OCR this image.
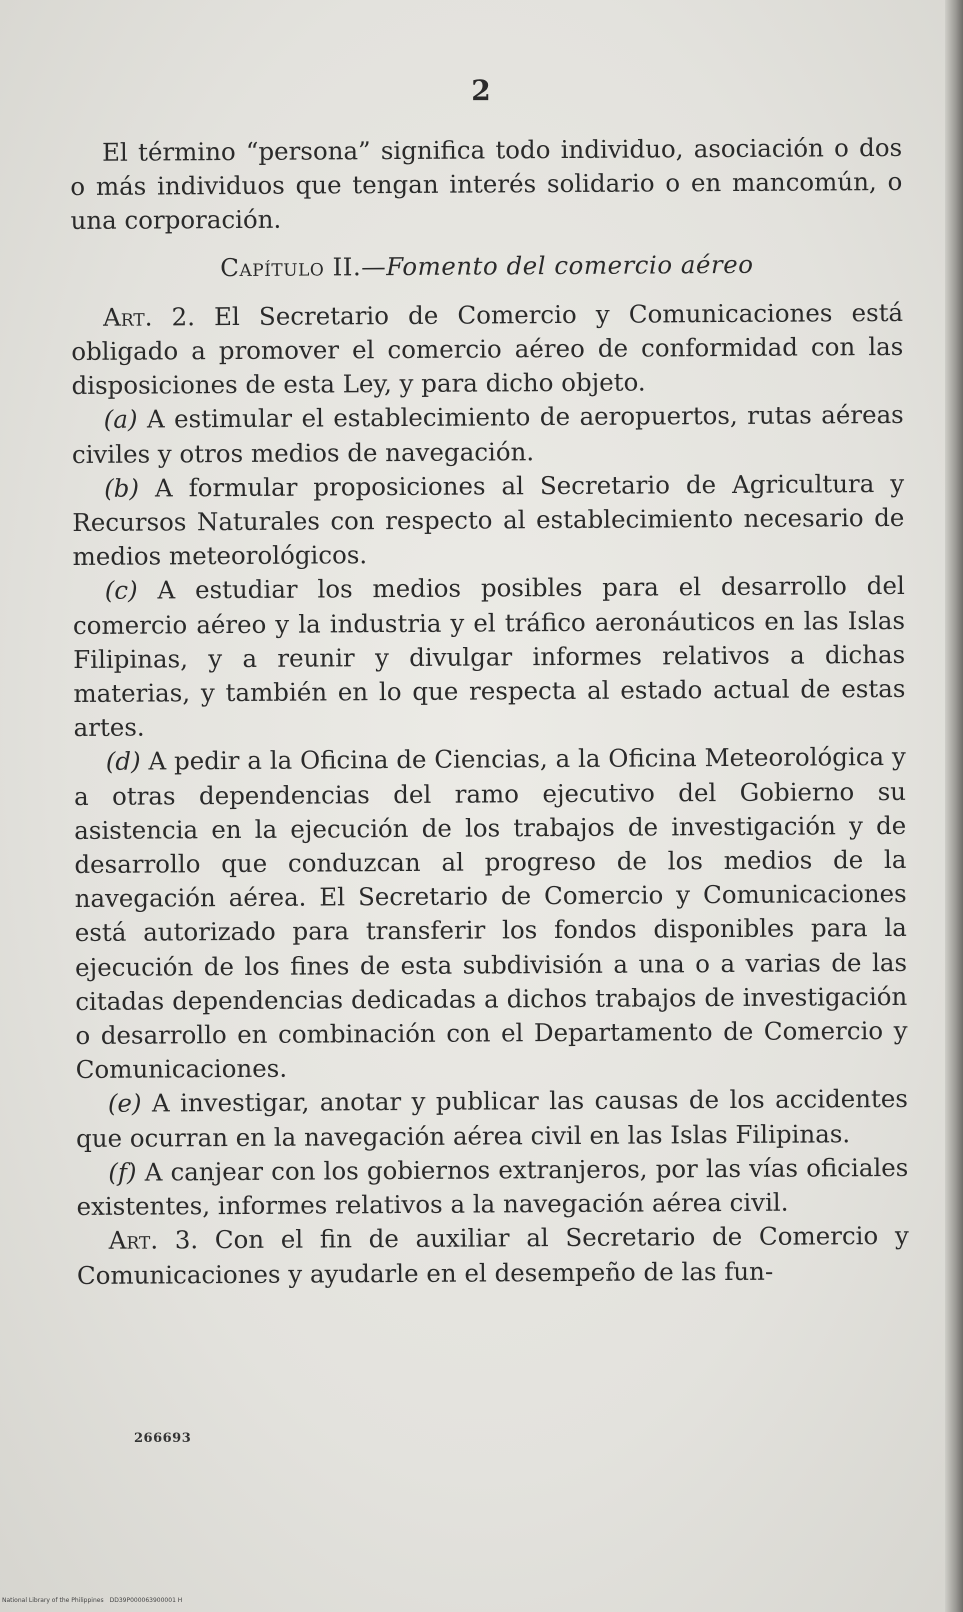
2

El término “persona” significa todo individuo, asociación o dos o más individuos que tengan interés solidario o en mancomún, o una corporación.

Capítulo II.—Fomento del comercio aéreo

Art. 2. El Secretario de Comercio y Comunicaciones está obligado a promover el comercio aéreo de conformidad con las disposiciones de esta Ley, y para dicho objeto.

(a) A estimular el establecimiento de aeropuertos, rutas aéreas civiles y otros medios de navegación.

(b) A formular proposiciones al Secretario de Agricultura y Recursos Naturales con respecto al establecimiento necesario de medios meteorológicos.

(c) A estudiar los medios posibles para el desarrollo del comercio aéreo y la industria y el tráfico aeronáuticos en las Islas Filipinas, y a reunir y divulgar informes relativos a dichas materias, y también en lo que respecta al estado actual de estas artes.

(d) A pedir a la Oficina de Ciencias, a la Oficina Meteorológica y a otras dependencias del ramo ejecutivo del Gobierno su asistencia en la ejecución de los trabajos de investigación y de desarrollo que conduzcan al progreso de los medios de la navegación aérea. El Secretario de Comercio y Comunicaciones está autorizado para transferir los fondos disponibles para la ejecución de los fines de esta subdivisión a una o a varias de las citadas dependencias dedicadas a dichos trabajos de investigación o desarrollo en combinación con el Departamento de Comercio y Comunicaciones.

(e) A investigar, anotar y publicar las causas de los accidentes que ocurran en la navegación aérea civil en las Islas Filipinas.

(f) A canjear con los gobiernos extranjeros, por las vías oficiales existentes, informes relativos a la navegación aérea civil.

Art. 3. Con el fin de auxiliar al Secretario de Comercio y Comunicaciones y ayudarle en el desempeño de las fun-

266693
National Library of the Philippines DD39P000063900001 H
